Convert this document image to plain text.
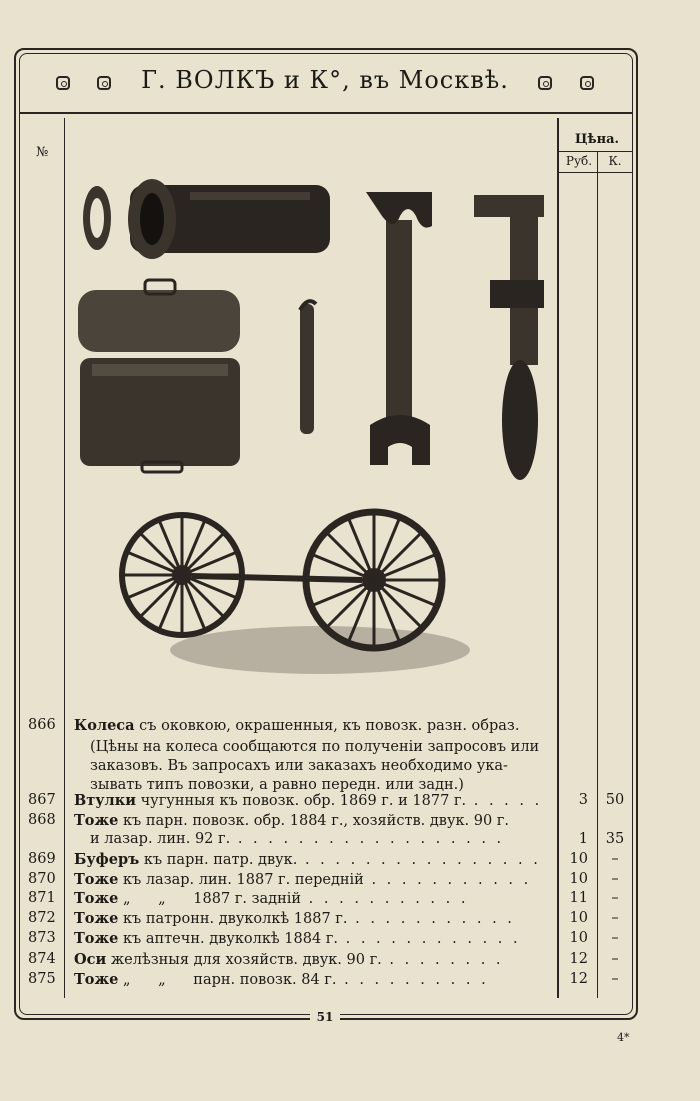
Г. ВОЛКЪ и К°, въ Москвѣ.
№
Цѣна.
Руб.	К.
866	Колеса съ оковкою, окрашенныя, къ повозк. разн. образ.
(Цѣны на колеса сообщаются по полученіи запросовъ или
заказовъ. Въ запросахъ или заказахъ необходимо ука-
зывать типъ повозки, а равно передн. или задн.)
867	Втулки чугунныя къ повозк. обр. 1869 г. и 1877 г. . . . . .	3	50
868	Тоже къ парн. повозк. обр. 1884 г., хозяйств. двук. 90 г.
и лазар. лин. 92 г. . . . . . . . . . . . . . . . . . .	1	35
869	Буферъ къ парн. патр. двук. . . . . . . . . . . . . . . . .	10	–
870	Тоже къ лазар. лин. 1887 г. передній . . . . . . . . . . .	10	–
871	Тоже „      „      1887 г. задній . . . . . . . . . . .	11	–
872	Тоже къ патронн. двуколкѣ 1887 г. . . . . . . . . . . .	10	–
873	Тоже къ аптечн. двуколкѣ 1884 г. . . . . . . . . . . . .	10	–
874	Оси желѣзныя для хозяйств. двук. 90 г. . . . . . . . .	12	–
875	Тоже „      „      парн. повозк. 84 г. . . . . . . . . . .	12	–
51
4*
